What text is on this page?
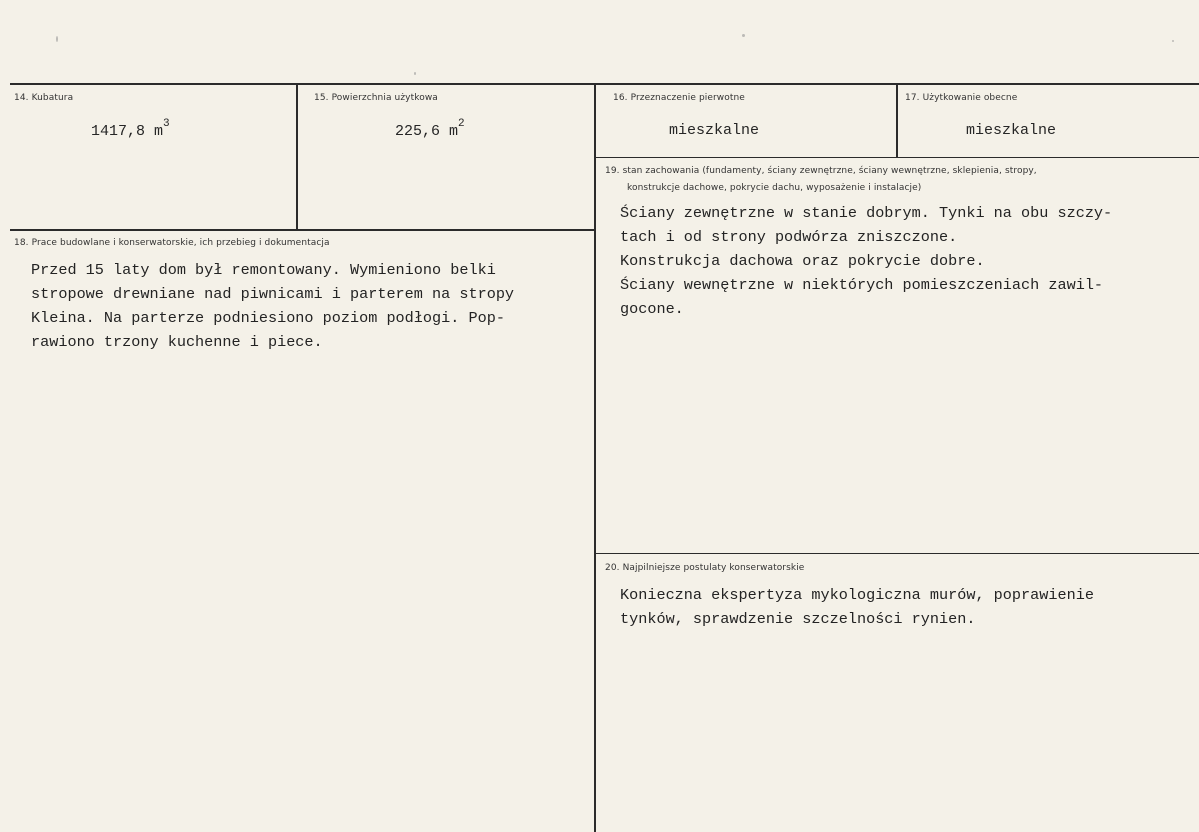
14. Kubatura
1417,8 $m^3$
15. Powierzchnia użytkowa
225,6 $m^2$
16. Przeznaczenie pierwotne
mieszkalne
17. Użytkowanie obecne
mieszkalne
18. Prace budowlane i konserwatorskie, ich przebieg i dokumentacja
Przed 15 laty dom był remontowany. Wymieniono belki
stropowe drewniane nad piwnicami i parterem na stropy
Kleina. Na parterze podniesiono poziom podłogi. Pop-
rawiono trzony kuchenne i piece.
19. stan zachowania (fundamenty, ściany zewnętrzne, ściany wewnętrzne, sklepienia, stropy,
konstrukcje dachowe, pokrycie dachu, wyposażenie i instalacje)
Ściany zewnętrzne w stanie dobrym. Tynki na obu szczy-
tach i od strony podwórza zniszczone.
Konstrukcja dachowa oraz pokrycie dobre.
Ściany wewnętrzne w niektórych pomieszczeniach zawil-
gocone.
20. Najpilniejsze postulaty konserwatorskie
Konieczna ekspertyza mykologiczna murów, poprawienie
tynków, sprawdzenie szczelności rynien.
